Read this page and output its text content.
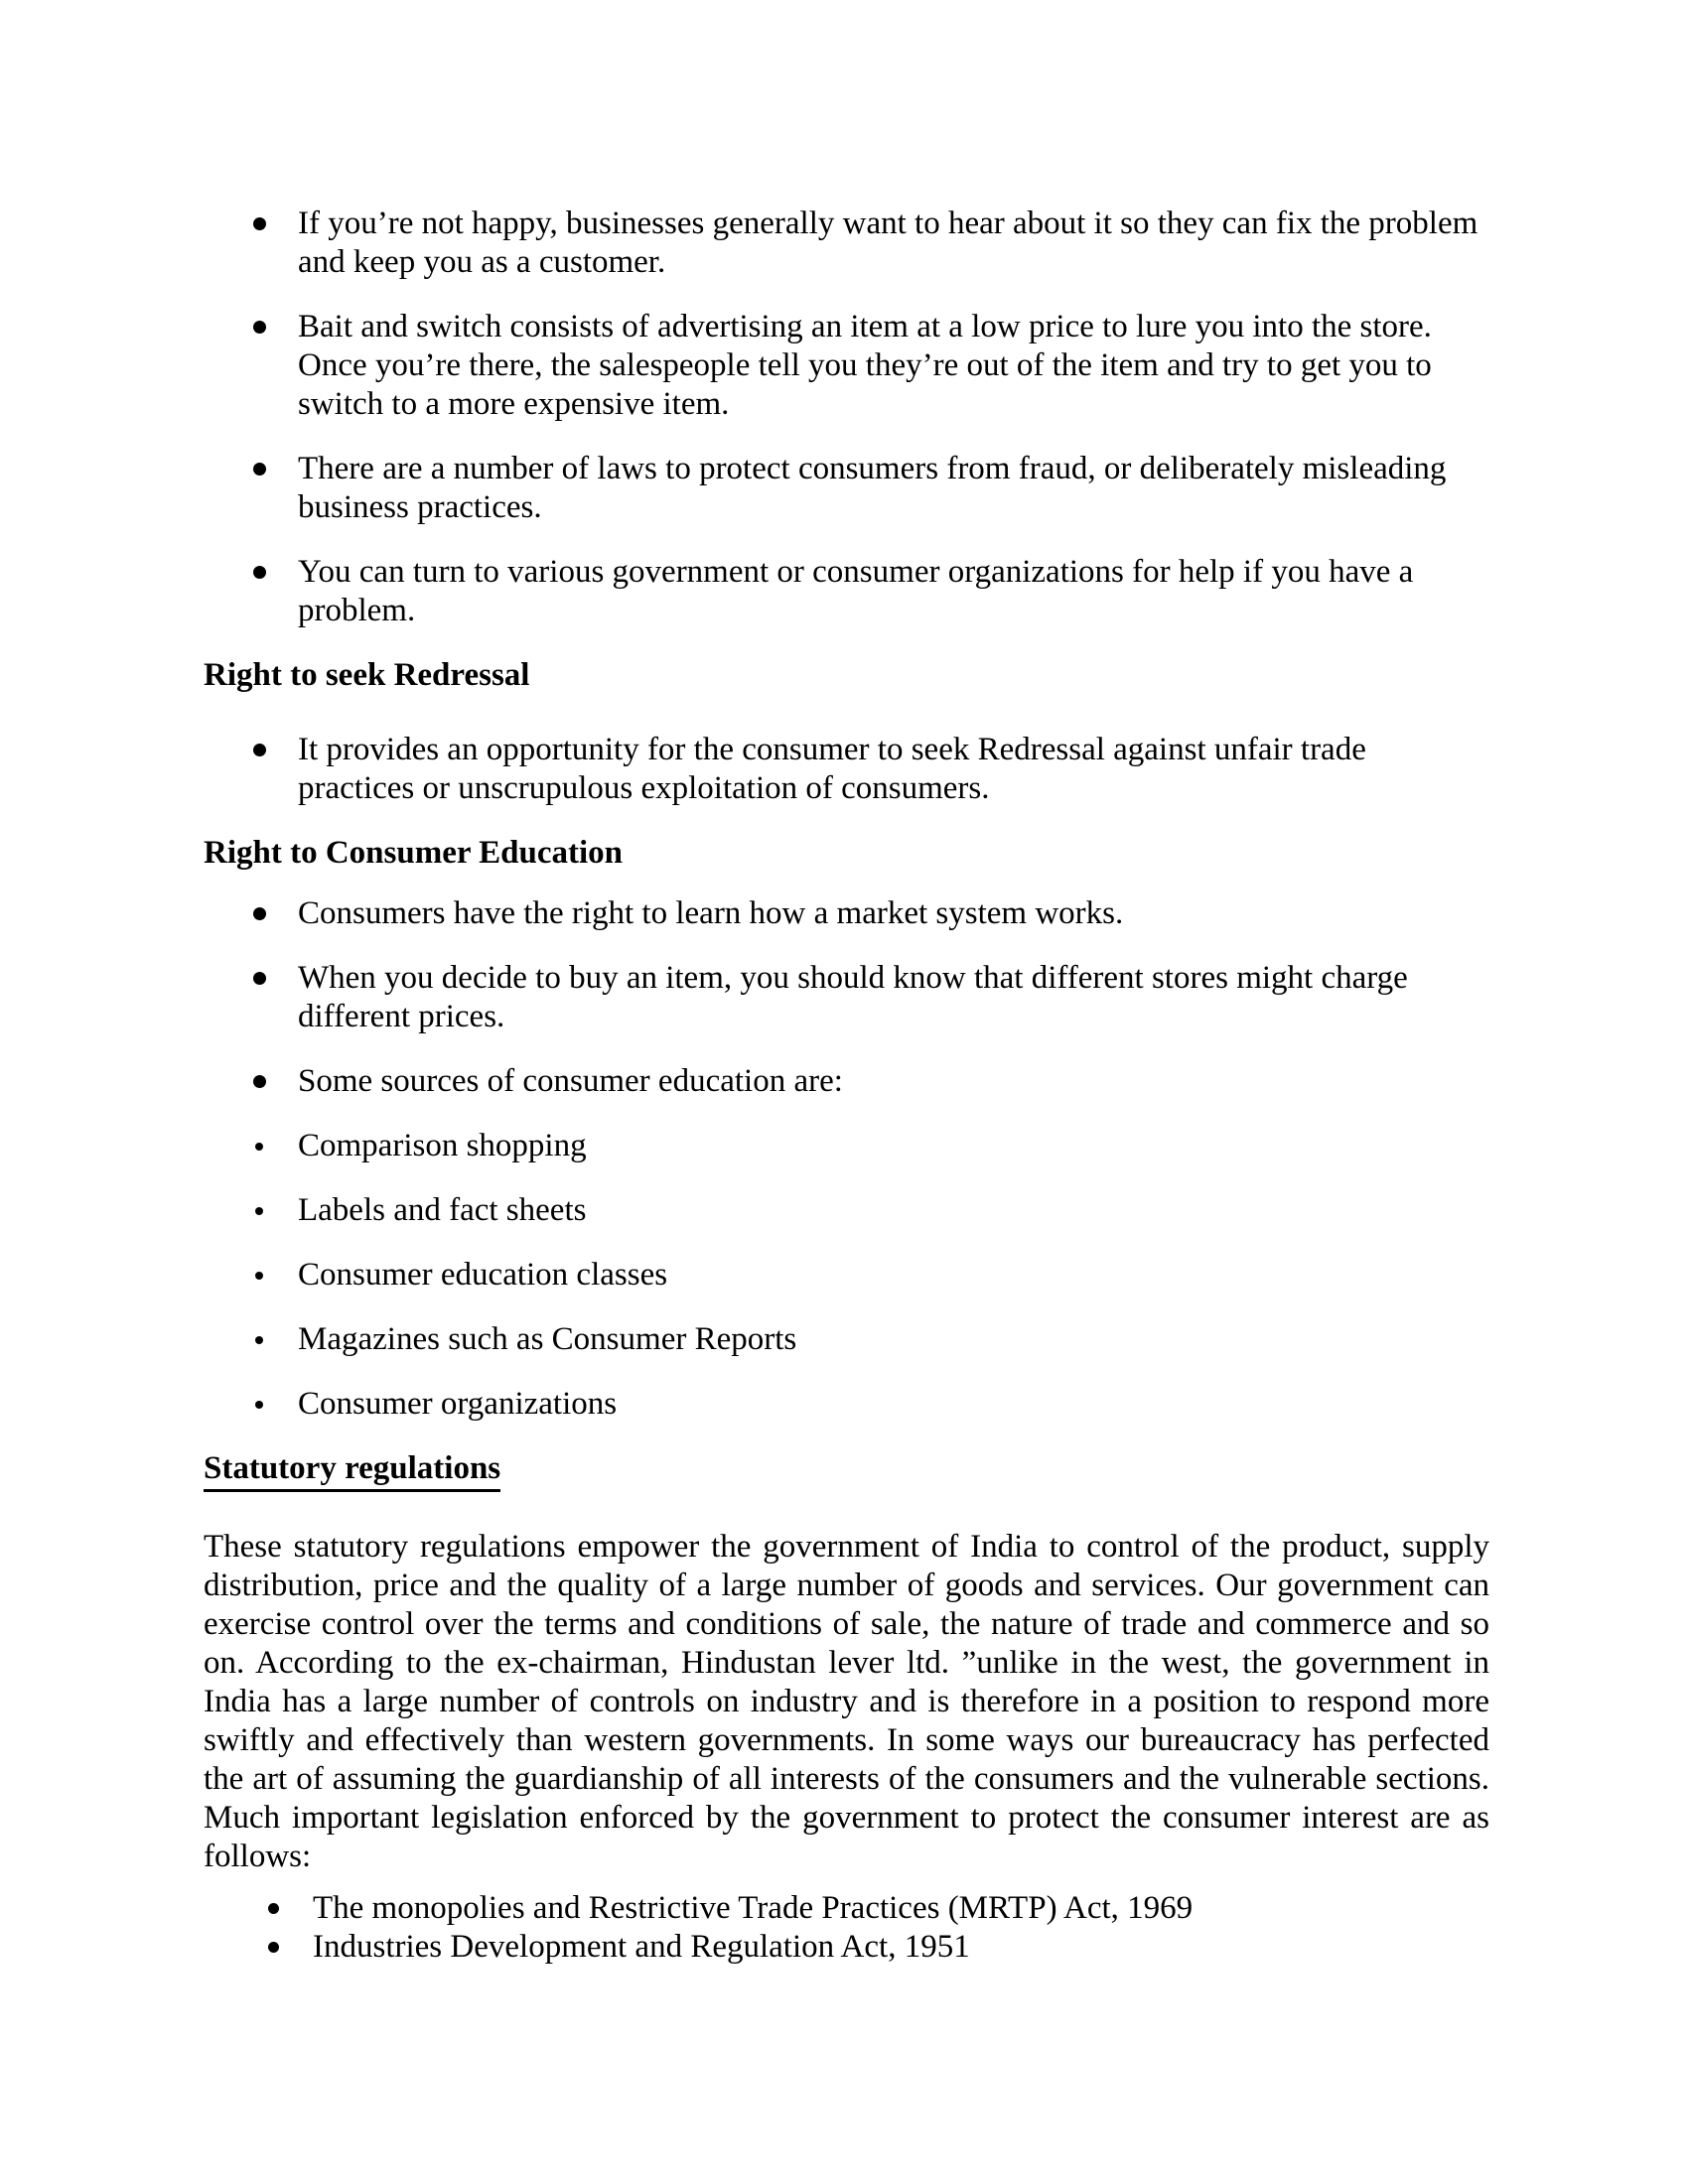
If you’re not happy, businesses generally want to hear about it so they can fix the problem and keep you as a customer.
Bait and switch consists of advertising an item at a low price to lure you into the store. Once you’re there, the salespeople tell you they’re out of the item and try to get you to switch to a more expensive item.
There are a number of laws to protect consumers from fraud, or deliberately misleading business practices.
You can turn to various government or consumer organizations for help if you have a problem.
Right to seek Redressal
It provides an opportunity for the consumer to seek Redressal against unfair trade practices or unscrupulous exploitation of consumers.
Right to Consumer Education
Consumers have the right to learn how a market system works.
When you decide to buy an item, you should know that different stores might charge different prices.
Some sources of consumer education are:
Comparison shopping
Labels and fact sheets
Consumer education classes
Magazines such as Consumer Reports
Consumer organizations
Statutory regulations
These statutory regulations empower the government of India to control of the product, supply distribution, price and the quality of a large number of goods and services. Our government can exercise control over the terms and conditions of sale, the nature of trade and commerce and so on. According to the ex-chairman, Hindustan lever ltd. ”unlike in the west, the government in India has a large number of controls on industry and is therefore in a position to respond more swiftly and effectively than western governments. In some ways our bureaucracy has perfected the art of assuming the guardianship of all interests of the consumers and the vulnerable sections. Much important legislation enforced by the government to protect the consumer interest are as follows:
The monopolies and Restrictive Trade Practices (MRTP) Act, 1969
Industries Development and Regulation Act, 1951
